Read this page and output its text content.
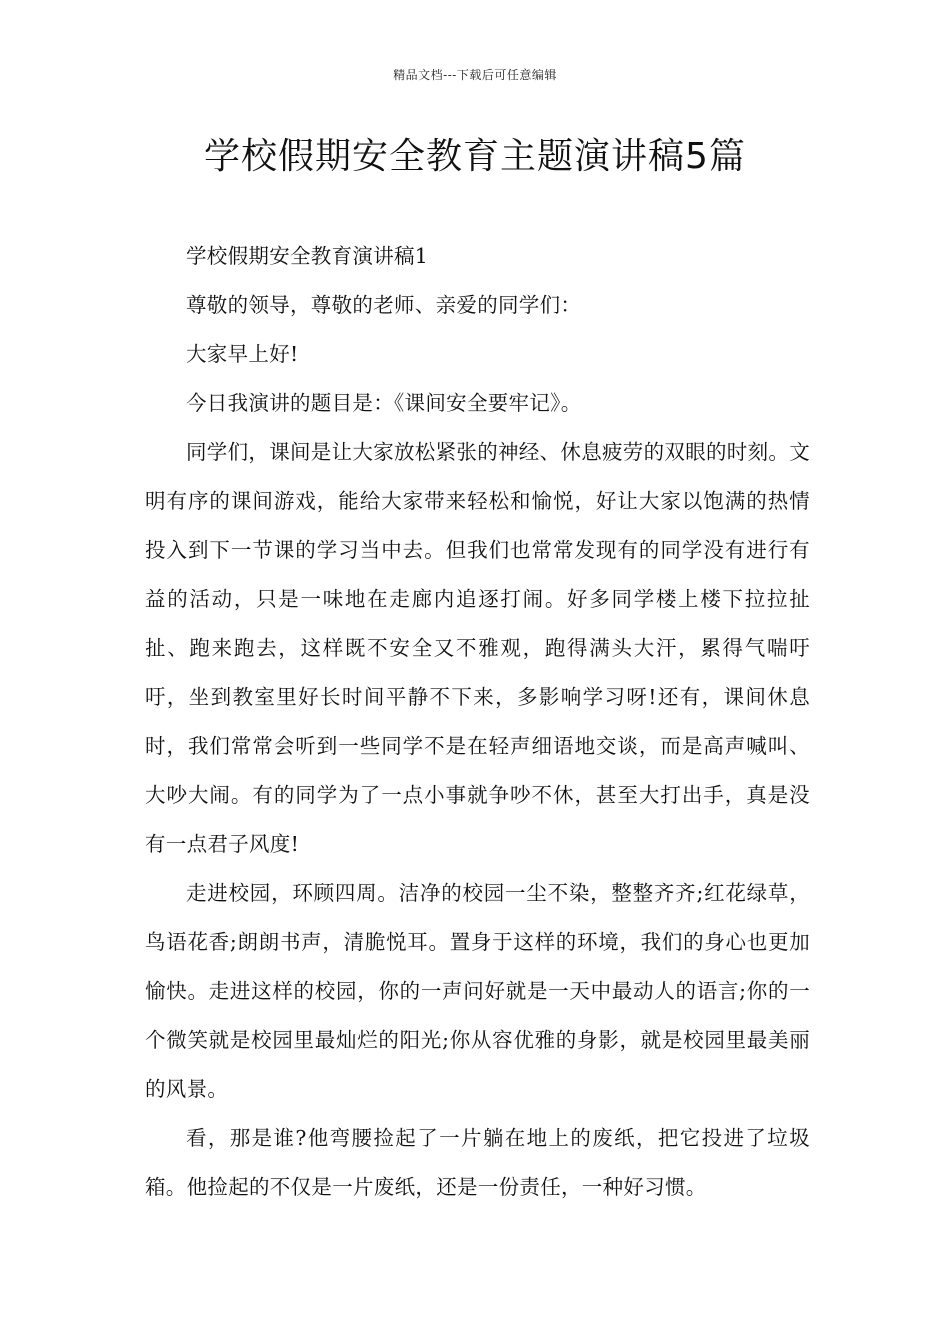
精品文档---下载后可任意编辑
学校假期安全教育主题演讲稿5篇

学校假期安全教育演讲稿1

尊敬的领导，尊敬的老师、亲爱的同学们：

大家早上好!

今日我演讲的题目是：《课间安全要牢记》。

同学们，课间是让大家放松紧张的神经、休息疲劳的双眼的时刻。文明有序的课间游戏，能给大家带来轻松和愉悦，好让大家以饱满的热情投入到下一节课的学习当中去。但我们也常常发现有的同学没有进行有益的活动，只是一味地在走廊内追逐打闹。好多同学楼上楼下拉拉扯扯、跑来跑去，这样既不安全又不雅观，跑得满头大汗，累得气喘吁吁，坐到教室里好长时间平静不下来，多影响学习呀!还有，课间休息时，我们常常会听到一些同学不是在轻声细语地交谈，而是高声喊叫、大吵大闹。有的同学为了一点小事就争吵不休，甚至大打出手，真是没有一点君子风度!

走进校园，环顾四周。洁净的校园一尘不染，整整齐齐;红花绿草，鸟语花香;朗朗书声，清脆悦耳。置身于这样的环境，我们的身心也更加愉快。走进这样的校园，你的一声问好就是一天中最动人的语言;你的一个微笑就是校园里最灿烂的阳光;你从容优雅的身影，就是校园里最美丽的风景。

看，那是谁?他弯腰捡起了一片躺在地上的废纸，把它投进了垃圾箱。他捡起的不仅是一片废纸，还是一份责任，一种好习惯。
